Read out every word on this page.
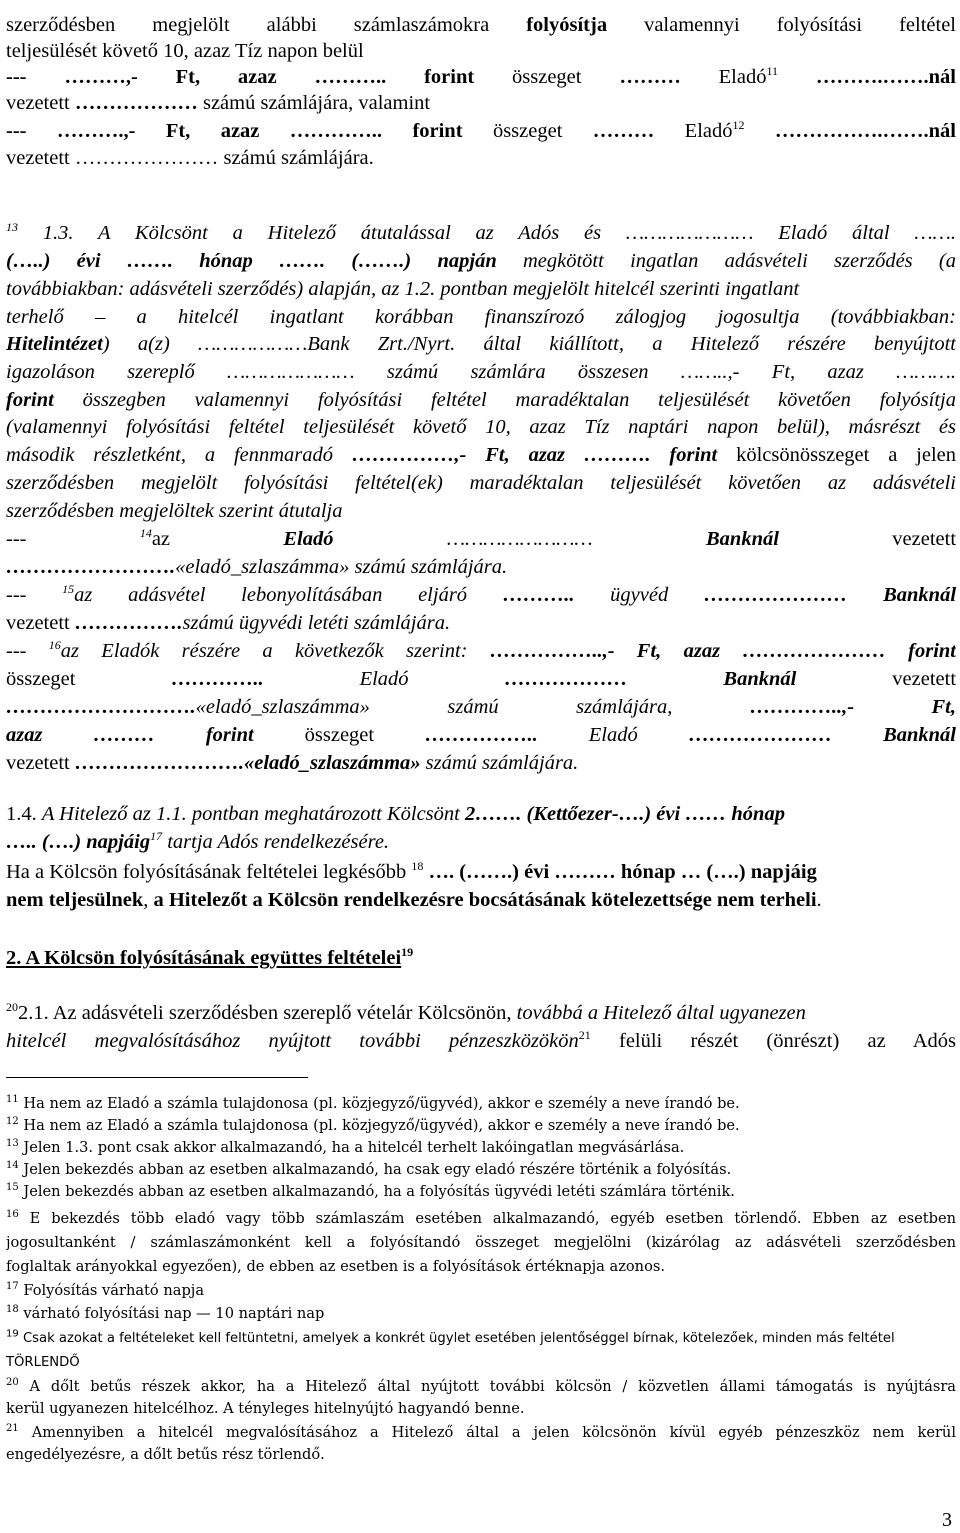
szerződésben megjelölt alábbi számlaszámokra folyósítja valamennyi folyósítási feltétel
teljesülését követő 10, azaz Tíz napon belül
--- ………,- Ft, azaz ……….. forint összeget ……… Eladó$^{11}$ ……….…….nál
vezetett ……………… számú számlájára, valamint
--- ……….,- Ft, azaz ………….. forint összeget ……… Eladó$^{12}$ …………….…….nál
vezetett ………………… számú számlájára.
$^{13}$ 1.3. A Kölcsönt a Hitelező átutalással az Adós és ………………… Eladó által …….
(…..) évi ……. hónap ……. (…….) napján megkötött ingatlan adásvételi szerződés (a
továbbiakban: adásvételi szerződés) alapján, az 1.2. pontban megjelölt hitelcél szerinti ingatlant
terhelő – a hitelcél ingatlant korábban finanszírozó zálogjog jogosultja (továbbiakban:
Hitelintézet) a(z) ………………Bank Zrt./Nyrt. által kiállított, a Hitelező részére benyújtott
igazoláson szereplő ………………… számú számlára összesen ……..,- Ft, azaz ……….
forint összegben valamennyi folyósítási feltétel maradéktalan teljesülését követően folyósítja
(valamennyi folyósítási feltétel teljesülését követő 10, azaz Tíz naptári napon belül), másrészt és
második részletként, a fennmaradó ……………,- Ft, azaz ………. forint kölcsönösszeget a jelen
szerződésben megjelölt folyósítási feltétel(ek) maradéktalan teljesülését követően az adásvételi
szerződésben megjelöltek szerint átutalja
--- $^{14}$az Eladó …………………… Banknál vezetett
…………………….«eladó_szlaszámma» számú számlájára.
--- $^{15}$az adásvétel lebonyolításában eljáró ……….. ügyvéd ………………… Banknál
vezetett …………….számú ügyvédi letéti számlájára.
--- $^{16}$az Eladók részére a következők szerint: ……………..,- Ft, azaz ………………… forint
összeget ………….. Eladó ……………… Banknál vezetett
……………………….«eladó_szlaszámma» számú számlájára, …………..,- Ft,
azaz ……… forint összeget …………….. Eladó ………………… Banknál
vezetett …………………….«eladó_szlaszámma» számú számlájára.
1.4. A Hitelező az 1.1. pontban meghatározott Kölcsönt 2……. (Kettőezer-….) évi …… hónap
….. (….) napjáig$^{17}$ tartja Adós rendelkezésére.
Ha a Kölcsön folyósításának feltételei legkésőbb $^{18}$ …. (…….) évi ……… hónap … (….) napjáig
nem teljesülnek, a Hitelezőt a Kölcsön rendelkezésre bocsátásának kötelezettsége nem terheli.
2. A Kölcsön folyósításának együttes feltételei$^{19}$
$^{20}$2.1. Az adásvételi szerződésben szereplő vételár Kölcsönön, továbbá a Hitelező által ugyanezen
hitelcél megvalósításához nyújtott további pénzeszközökön$^{21}$ felüli részét (önrészt) az Adós
$^{11}$ Ha nem az Eladó a számla tulajdonosa (pl. közjegyző/ügyvéd), akkor e személy a neve írandó be.
$^{12}$ Ha nem az Eladó a számla tulajdonosa (pl. közjegyző/ügyvéd), akkor e személy a neve írandó be.
$^{13}$ Jelen 1.3. pont csak akkor alkalmazandó, ha a hitelcél terhelt lakóingatlan megvásárlása.
$^{14}$ Jelen bekezdés abban az esetben alkalmazandó, ha csak egy eladó részére történik a folyósítás.
$^{15}$ Jelen bekezdés abban az esetben alkalmazandó, ha a folyósítás ügyvédi letéti számlára történik.
$^{16}$ E bekezdés több eladó vagy több számlaszám esetében alkalmazandó, egyéb esetben törlendő. Ebben az esetben
jogosultanként / számlaszámonként kell a folyósítandó összeget megjelölni (kizárólag az adásvételi szerződésben
foglaltak arányokkal egyezően), de ebben az esetben is a folyósítások értéknapja azonos.
$^{17}$ Folyósítás várható napja
$^{18}$ várható folyósítási nap — 10 naptári nap
$^{19}$ Csak azokat a feltételeket kell feltüntetni, amelyek a konkrét ügylet esetében jelentőséggel bírnak, kötelezőek, minden más feltétel
TÖRLENDŐ
$^{20}$ A dőlt betűs részek akkor, ha a Hitelező által nyújtott további kölcsön / közvetlen állami támogatás is nyújtásra
kerül ugyanezen hitelcélhoz. A tényleges hitelnyújtó hagyandó benne.
$^{21}$ Amennyiben a hitelcél megvalósításához a Hitelező által a jelen kölcsönön kívül egyéb pénzeszköz nem kerül
engedélyezésre, a dőlt betűs rész törlendő.
3
